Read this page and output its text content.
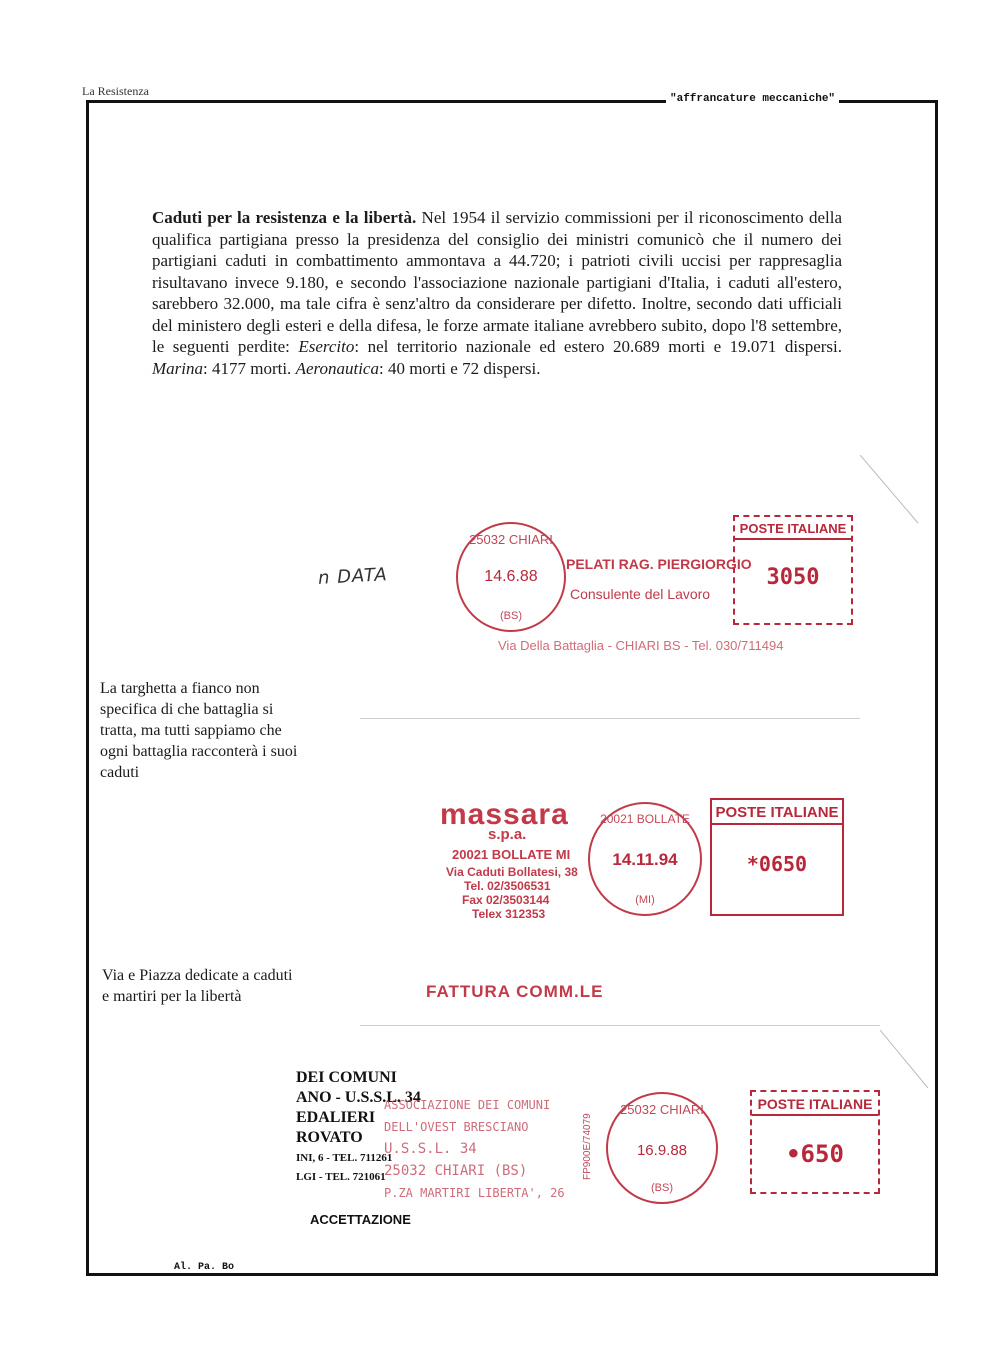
La Resistenza
"affrancature meccaniche"
Al. Pa. Bo
Caduti per la resistenza e la libertà. Nel 1954 il servizio commissioni per il riconoscimento della qualifica partigiana presso la presidenza del consiglio dei ministri comunicò che il numero dei partigiani caduti in combattimento ammontava a 44.720; i patrioti civili uccisi per rappresaglia risultavano invece 9.180, e secondo l'associazione nazionale partigiani d'Italia, i caduti all'estero, sarebbero 32.000, ma tale cifra è senz'altro da considerare per difetto. Inoltre, secondo dati ufficiali del ministero degli esteri e della difesa, le forze armate italiane avrebbero subito, dopo l'8 settembre, le seguenti perdite: Esercito: nel territorio nazionale ed estero 20.689 morti e 19.071 dispersi. Marina: 4177 morti. Aeronautica: 40 morti e 72 dispersi.
La targhetta a fianco non specifica di che battaglia si tratta, ma tutti sappiamo che ogni battaglia racconterà i suoi caduti
Via e Piazza dedicate a caduti e martiri per la libertà
n DATA
25032 CHIARI
14.6.88
(BS)
PELATI RAG. PIERGIORGIO
Consulente del Lavoro
Via Della Battaglia - CHIARI BS - Tel. 030/711494
POSTE ITALIANE
3050
massara
s.p.a.
20021 BOLLATE MI
Via Caduti Bollatesi, 38
Tel. 02/3506531
Fax 02/3503144
Telex 312353
20021 BOLLATE
14.11.94
(MI)
POSTE ITALIANE
*0650
FATTURA COMM.LE
DEI COMUNI
ANO - U.S.S.L. 34
EDALIERI
ROVATO
INI, 6 - TEL. 711261
LGI - TEL. 721061
ASSOCIAZIONE DEI COMUNI
DELL'OVEST BRESCIANO
U.S.S.L. 34
25032 CHIARI (BS)
P.ZA MARTIRI LIBERTA', 26
ACCETTAZIONE
FP900E/74079
25032 CHIARI
16.9.88
(BS)
POSTE ITALIANE
•650
